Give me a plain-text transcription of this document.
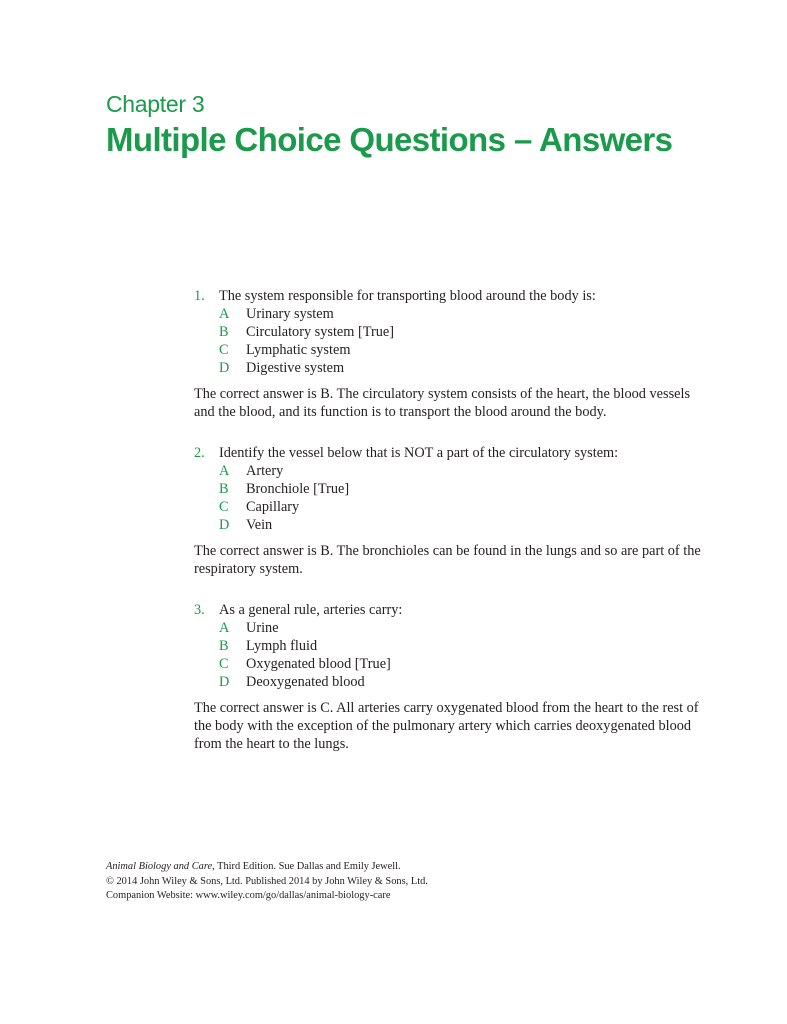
Chapter 3
Multiple Choice Questions – Answers
1. The system responsible for transporting blood around the body is:
A	Urinary system
B	Circulatory system [True]
C	Lymphatic system
D	Digestive system
The correct answer is B. The circulatory system consists of the heart, the blood vessels and the blood, and its function is to transport the blood around the body.
2. Identify the vessel below that is NOT a part of the circulatory system:
A	Artery
B	Bronchiole [True]
C	Capillary
D	Vein
The correct answer is B. The bronchioles can be found in the lungs and so are part of the respiratory system.
3. As a general rule, arteries carry:
A	Urine
B	Lymph fluid
C	Oxygenated blood [True]
D	Deoxygenated blood
The correct answer is C. All arteries carry oxygenated blood from the heart to the rest of the body with the exception of the pulmonary artery which carries deoxygenated blood from the heart to the lungs.
Animal Biology and Care, Third Edition. Sue Dallas and Emily Jewell.
© 2014 John Wiley & Sons, Ltd. Published 2014 by John Wiley & Sons, Ltd.
Companion Website: www.wiley.com/go/dallas/animal-biology-care
